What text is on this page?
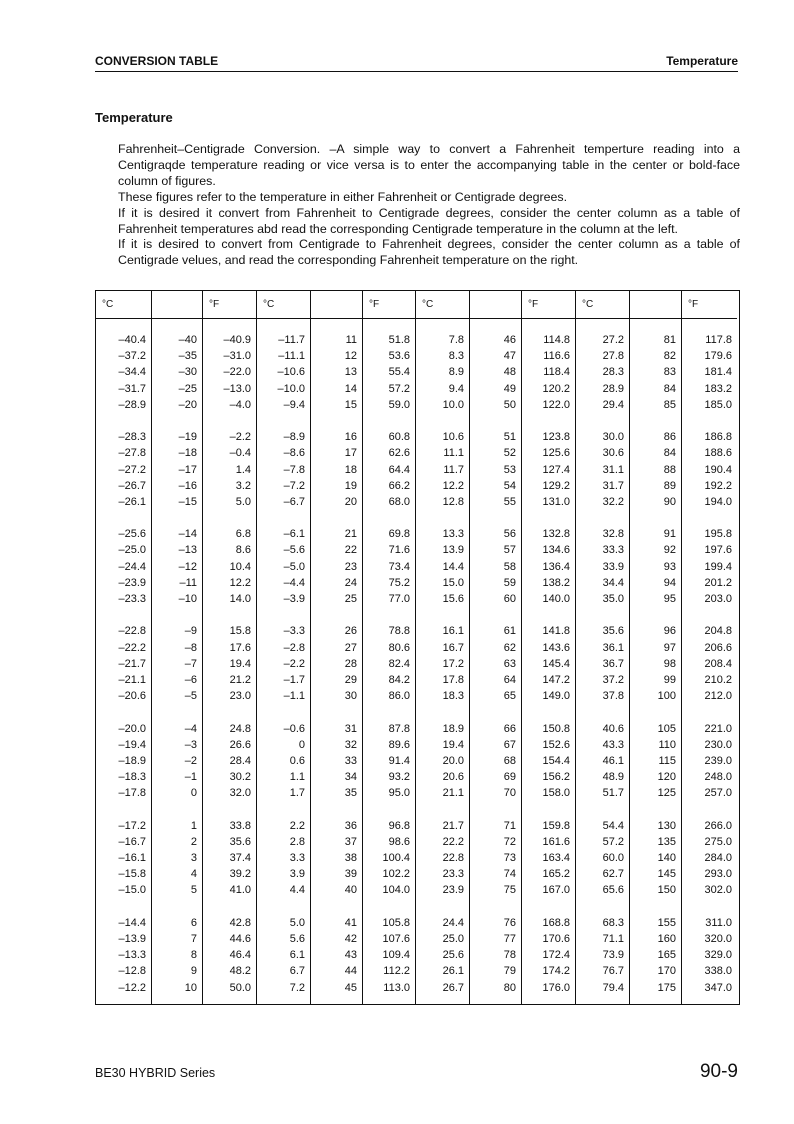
CONVERSION TABLE	Temperature
Temperature

Fahrenheit–Centigrade Conversion. –A simple way to convert a Fahrenheit temperture reading into a Centigraqde temperature reading or vice versa is to enter the accompanying table in the center or bold-face column of figures.

These figures refer to the temperature in either Fahrenheit or Centigrade degrees.

If it is desired it convert from Fahrenheit to Centigrade degrees, consider the center column as a table of Fahrenheit temperatures abd read the corresponding Centigrade temperature in the column at the left.

If it is desired to convert from Centigrade to Fahrenheit degrees, consider the center column as a table of Centigrade velues, and read the corresponding Fahrenheit temperature on the right.

°C
–40.4
–37.2
–34.4
–31.7
–28.9
–28.3
–27.8
–27.2
–26.7
–26.1
–25.6
–25.0
–24.4
–23.9
–23.3
–22.8
–22.2
–21.7
–21.1
–20.6
–20.0
–19.4
–18.9
–18.3
–17.8
–17.2
–16.7
–16.1
–15.8
–15.0
–14.4
–13.9
–13.3
–12.8
–12.2
–40
–35
–30
–25
–20
–19
–18
–17
–16
–15
–14
–13
–12
–11
–10
–9
–8
–7
–6
–5
–4
–3
–2
–1
0
1
2
3
4
5
6
7
8
9
10
°F
–40.9
–31.0
–22.0
–13.0
–4.0
–2.2
–0.4
1.4
3.2
5.0
6.8
8.6
10.4
12.2
14.0
15.8
17.6
19.4
21.2
23.0
24.8
26.6
28.4
30.2
32.0
33.8
35.6
37.4
39.2
41.0
42.8
44.6
46.4
48.2
50.0
°C
–11.7
–11.1
–10.6
–10.0
–9.4
–8.9
–8.6
–7.8
–7.2
–6.7
–6.1
–5.6
–5.0
–4.4
–3.9
–3.3
–2.8
–2.2
–1.7
–1.1
–0.6
0
0.6
1.1
1.7
2.2
2.8
3.3
3.9
4.4
5.0
5.6
6.1
6.7
7.2
11
12
13
14
15
16
17
18
19
20
21
22
23
24
25
26
27
28
29
30
31
32
33
34
35
36
37
38
39
40
41
42
43
44
45
°F
51.8
53.6
55.4
57.2
59.0
60.8
62.6
64.4
66.2
68.0
69.8
71.6
73.4
75.2
77.0
78.8
80.6
82.4
84.2
86.0
87.8
89.6
91.4
93.2
95.0
96.8
98.6
100.4
102.2
104.0
105.8
107.6
109.4
112.2
113.0
°C
7.8
8.3
8.9
9.4
10.0
10.6
11.1
11.7
12.2
12.8
13.3
13.9
14.4
15.0
15.6
16.1
16.7
17.2
17.8
18.3
18.9
19.4
20.0
20.6
21.1
21.7
22.2
22.8
23.3
23.9
24.4
25.0
25.6
26.1
26.7
46
47
48
49
50
51
52
53
54
55
56
57
58
59
60
61
62
63
64
65
66
67
68
69
70
71
72
73
74
75
76
77
78
79
80
°F
114.8
116.6
118.4
120.2
122.0
123.8
125.6
127.4
129.2
131.0
132.8
134.6
136.4
138.2
140.0
141.8
143.6
145.4
147.2
149.0
150.8
152.6
154.4
156.2
158.0
159.8
161.6
163.4
165.2
167.0
168.8
170.6
172.4
174.2
176.0
°C
27.2
27.8
28.3
28.9
29.4
30.0
30.6
31.1
31.7
32.2
32.8
33.3
33.9
34.4
35.0
35.6
36.1
36.7
37.2
37.8
40.6
43.3
46.1
48.9
51.7
54.4
57.2
60.0
62.7
65.6
68.3
71.1
73.9
76.7
79.4
81
82
83
84
85
86
84
88
89
90
91
92
93
94
95
96
97
98
99
100
105
110
115
120
125
130
135
140
145
150
155
160
165
170
175
°F
117.8
179.6
181.4
183.2
185.0
186.8
188.6
190.4
192.2
194.0
195.8
197.6
199.4
201.2
203.0
204.8
206.6
208.4
210.2
212.0
221.0
230.0
239.0
248.0
257.0
266.0
275.0
284.0
293.0
302.0
311.0
320.0
329.0
338.0
347.0
BE30 HYBRID Series	90-9
